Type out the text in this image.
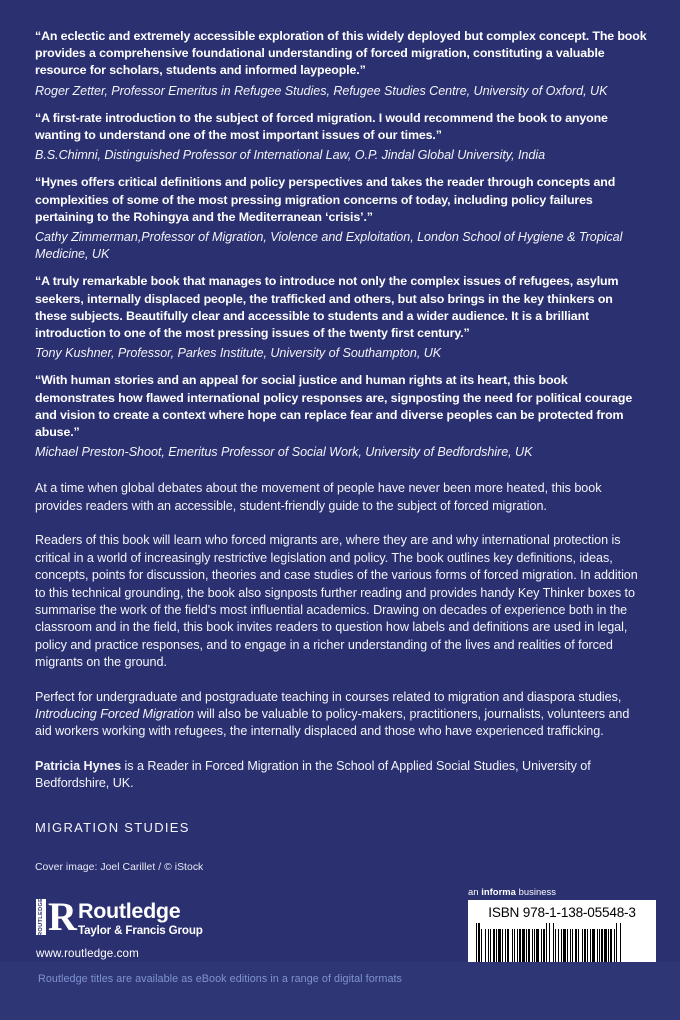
“An eclectic and extremely accessible exploration of this widely deployed but complex concept. The book provides a comprehensive foundational understanding of forced migration, constituting a valuable resource for scholars, students and informed laypeople.”

Roger Zetter, Professor Emeritus in Refugee Studies, Refugee Studies Centre, University of Oxford, UK

“A first-rate introduction to the subject of forced migration. I would recommend the book to anyone wanting to understand one of the most important issues of our times.”

B.S.Chimni, Distinguished Professor of International Law, O.P. Jindal Global University, India

“Hynes offers critical definitions and policy perspectives and takes the reader through concepts and complexities of some of the most pressing migration concerns of today, including policy failures pertaining to the Rohingya and the Mediterranean ‘crisis’.”

Cathy Zimmerman,Professor of Migration, Violence and Exploitation, London School of Hygiene & Tropical Medicine, UK

“A truly remarkable book that manages to introduce not only the complex issues of refugees, asylum seekers, internally displaced people, the trafficked and others, but also brings in the key thinkers on these subjects. Beautifully clear and accessible to students and a wider audience. It is a brilliant introduction to one of the most pressing issues of the twenty first century.”

Tony Kushner, Professor, Parkes Institute, University of Southampton, UK

“With human stories and an appeal for social justice and human rights at its heart, this book demonstrates how flawed international policy responses are, signposting the need for political courage and vision to create a context where hope can replace fear and diverse peoples can be protected from abuse.”

Michael Preston-Shoot, Emeritus Professor of Social Work, University of Bedfordshire, UK

At a time when global debates about the movement of people have never been more heated, this book provides readers with an accessible, student-friendly guide to the subject of forced migration.

Readers of this book will learn who forced migrants are, where they are and why international protection is critical in a world of increasingly restrictive legislation and policy. The book outlines key definitions, ideas, concepts, points for discussion, theories and case studies of the various forms of forced migration. In addition to this technical grounding, the book also signposts further reading and provides handy Key Thinker boxes to summarise the work of the field's most influential academics. Drawing on decades of experience both in the classroom and in the field, this book invites readers to question how labels and definitions are used in legal, policy and practice responses, and to engage in a richer understanding of the lives and realities of forced migrants on the ground.

Perfect for undergraduate and postgraduate teaching in courses related to migration and diaspora studies, Introducing Forced Migration will also be valuable to policy-makers, practitioners, journalists, volunteers and aid workers working with refugees, the internally displaced and those who have experienced trafficking.

Patricia Hynes is a Reader in Forced Migration in the School of Applied Social Studies, University of Bedfordshire, UK.

MIGRATION STUDIES

Cover image: Joel Carillet / © iStock

ROUTLEDGE R Routledge
Taylor & Francis Group
www.routledge.com
an informa business
ISBN 978-1-138-05548-3
Routledge titles are available as eBook editions in a range of digital formats
